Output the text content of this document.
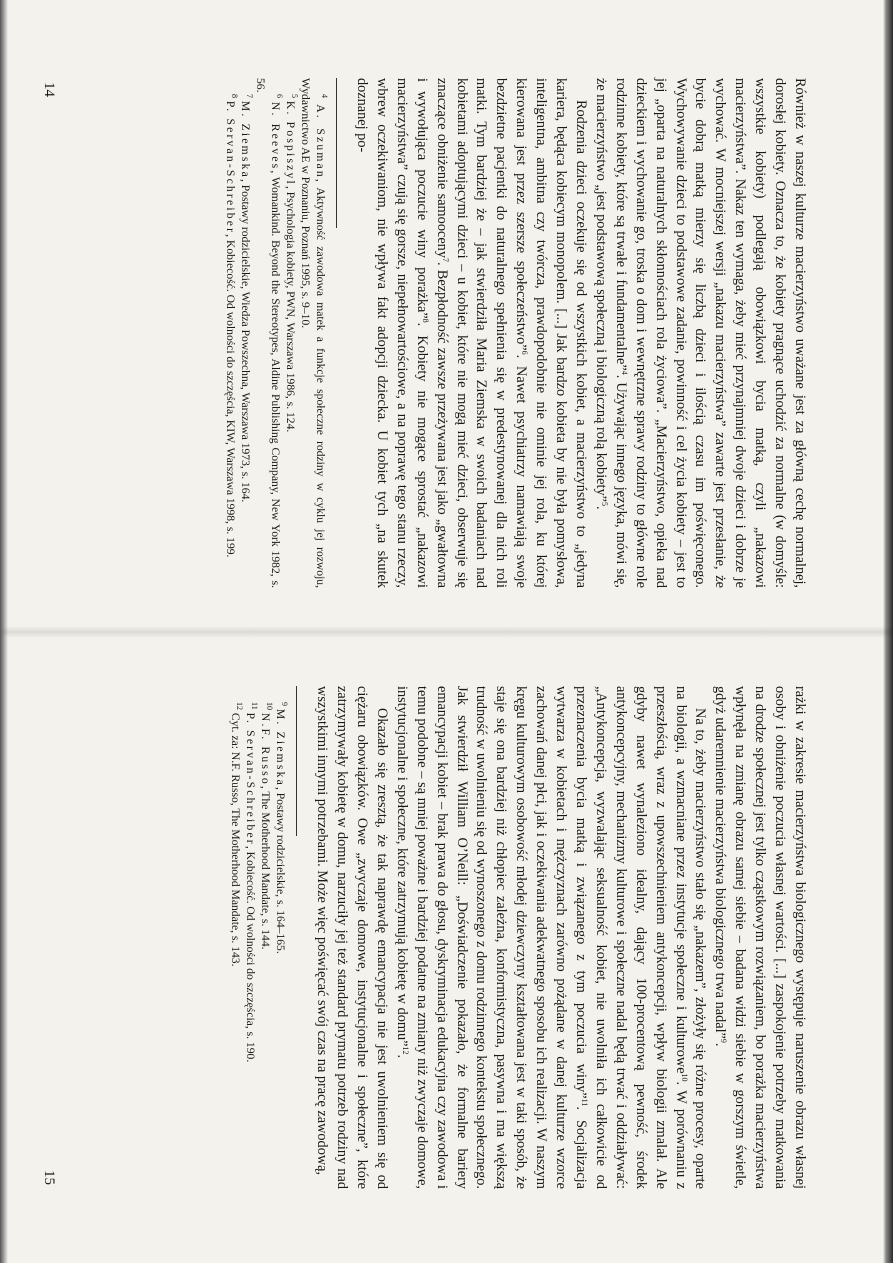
Również w naszej kulturze macierzyństwo uważane jest za główną cechę normalnej, dorosłej kobiety. Oznacza to, że kobiety pragnące uchodzić za normalne (w domyśle: wszystkie kobiety) podlegają obowiązkowi bycia matką, czyli „nakazowi macierzyństwa”. Nakaz ten wymaga, żeby mieć przynajmniej dwoje dzieci i dobrze je wychować. W mocniejszej wersji „nakazu macierzyństwa” zawarte jest przesłanie, że bycie dobrą matką mierzy się liczbą dzieci i ilością czasu im poświęconego. Wychowywanie dzieci to podstawowe zadanie, powinność i cel życia kobiety – jest to jej „oparta na naturalnych skłonnościach rola życiowa”. „Macierzyństwo, opieka nad dzieckiem i wychowanie go, troska o dom i wewnętrzne sprawy rodziny to główne role rodzinne kobiety, które są trwałe i fundamentalne”$^4$. Używając innego języka, mówi się, że macierzyństwo „jest podstawową społeczną i biologiczną rolą kobiety”$^5$.

Rodzenia dzieci oczekuje się od wszystkich kobiet, a macierzyństwo to „jedyna kariera, będąca kobiecym monopolem. [...] Jak bardzo kobieta by nie była pomysłowa, inteligentna, ambitna czy twórcza, prawdopodobnie nie ominie jej rola, ku której kierowana jest przez szersze społeczeństwo”$^6$. Nawet psychiatrzy namawiają swoje bezdzietne pacjentki do naturalnego spełnienia się w predestynowanej dla nich roli matki. Tym bardziej że – jak stwierdziła Maria Ziemska w swoich badaniach nad kobietami adoptującymi dzieci – u kobiet, które nie mogą mieć dzieci, obserwuje się znaczące obniżenie samooceny$^7$. Bezpłodność zawsze przeżywana jest jako „gwałtowna i wywołująca poczucie winy porażka”$^8$. Kobiety nie mogące sprostać „nakazowi macierzyństwa” czują się gorsze, niepełnowartościowe, a na poprawę tego stanu rzeczy, wbrew oczekiwaniom, nie wpływa fakt adopcji dziecka. U kobiet tych „na skutek doznanej po-

$^4$ A. Szuman, Aktywność zawodowa matek a funkcje społeczne rodziny w cyklu jej rozwoju, Wydawnictwo AE w Poznaniu, Poznań 1995, s. 9–10.

$^5$ K. Pospiszyl, Psychologia kobiety, PWN, Warszawa 1986, s. 124.

$^6$ N. Reeves, Womankind. Beyond the Stereotypes, Aldine Publishing Company, New York 1982, s. 56.

$^7$ M. Ziemska, Postawy rodzicielskie, Wiedza Powszechna, Warszawa 1973, s. 164.

$^8$ P. Servan-Schreiber, Kobiecość. Od wolności do szczęścia, KIW, Warszawa 1998, s. 199.

14

rażki w zakresie macierzyństwa biologicznego występuje naruszenie obrazu własnej osoby i obniżenie poczucia własnej wartości. [...] zaspokojenie potrzeby matkowania na drodze społecznej jest tylko cząstkowym rozwiązaniem, bo porażka macierzyństwa wpłynęła na zmianę obrazu samej siebie – badana widzi siebie w gorszym świetle, gdyż udaremnienie macierzyństwa biologicznego trwa nadal”$^9$.

Na to, żeby macierzyństwo stało się „nakazem”, złożyły się różne procesy, oparte na biologii, a wzmacniane przez instytucje społeczne i kulturowe$^{10}$. W porównaniu z przeszłością, wraz z upowszechnieniem antykoncepcji, wpływ biologii zmalał. Ale gdyby nawet wynaleziono idealny, dający 100-procentową pewność, środek antykoncepcyjny, mechanizmy kulturowe i społeczne nadal będą trwać i oddziaływać: „Antykoncepcja, wyzwalając seksualność kobiet, nie uwolniła ich całkowicie od przeznaczenia bycia matką i związanego z tym poczucia winy”$^{11}$. Socjalizacja wytwarza w kobietach i mężczyznach zarówno pożądane w danej kulturze wzorce zachowań danej płci, jak i oczekiwania adekwatnego sposobu ich realizacji. W naszym kręgu kulturowym osobowość młodej dziewczyny kształtowana jest w taki sposób, że staje się ona bardziej niż chłopiec zależna, konformistyczna, pasywna i ma większą trudność w uwolnieniu się od wynoszonego z domu rodzinnego kontekstu społecznego. Jak stwierdził William O’Neill: „Doświadczenie pokazało, że formalne bariery emancypacji kobiet – brak prawa do głosu, dyskryminacja edukacyjna czy zawodowa i temu podobne – są mniej poważne i bardziej podatne na zmiany niż zwyczaje domowe, instytucjonalne i społeczne, które zatrzymują kobietę w domu”$^{12}$.

Okazało się zresztą, że tak naprawdę emancypacja nie jest uwolnieniem się od ciężaru obowiązków. Owe „zwyczaje domowe, instytucjonalne i społeczne”, które zatrzymywały kobietę w domu, narzuciły jej też standard prymatu potrzeb rodziny nad wszystkimi innymi potrzebami. Może więc poświęcać swój czas na pracę zawodową,

$^9$ M. Ziemska, Postawy rodzicielskie, s. 164–165.

$^{10}$ N.F. Russo, The Motherhood Mandate, s. 144.

$^{11}$ P. Servan-Schreiber, Kobiecość. Od wolności do szczęścia, s. 190.

$^{12}$ Cyt. za: N.F. Russo, The Motherhood Mandate, s. 143.

15
